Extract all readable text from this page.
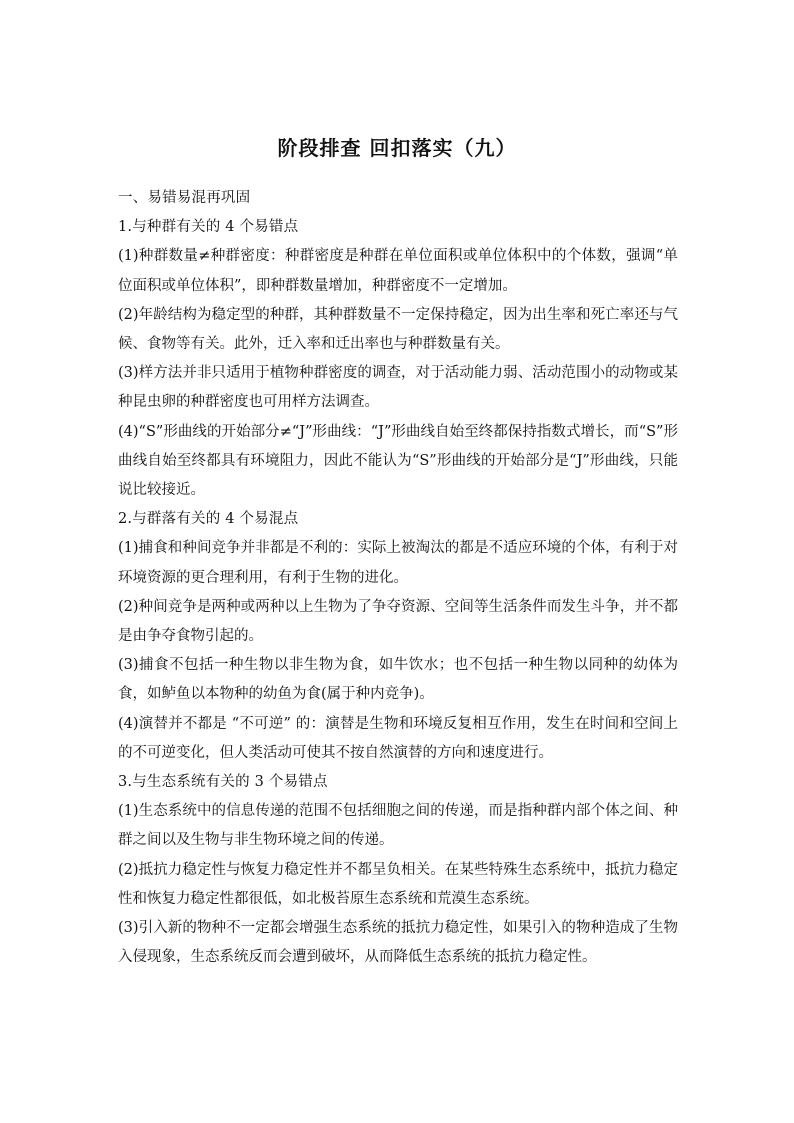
阶段排查 回扣落实（九）

一、易错易混再巩固

1.与种群有关的 4 个易错点

(1)种群数量≠种群密度：种群密度是种群在单位面积或单位体积中的个体数，强调“单位面积或单位体积”，即种群数量增加，种群密度不一定增加。

(2)年龄结构为稳定型的种群，其种群数量不一定保持稳定，因为出生率和死亡率还与气候、食物等有关。此外，迁入率和迁出率也与种群数量有关。

(3)样方法并非只适用于植物种群密度的调查，对于活动能力弱、活动范围小的动物或某种昆虫卵的种群密度也可用样方法调查。

(4)“S”形曲线的开始部分≠“J”形曲线：“J”形曲线自始至终都保持指数式增长，而“S”形曲线自始至终都具有环境阻力，因此不能认为“S”形曲线的开始部分是“J”形曲线，只能说比较接近。

2.与群落有关的 4 个易混点

(1)捕食和种间竞争并非都是不利的：实际上被淘汰的都是不适应环境的个体，有利于对环境资源的更合理利用，有利于生物的进化。

(2)种间竞争是两种或两种以上生物为了争夺资源、空间等生活条件而发生斗争，并不都是由争夺食物引起的。

(3)捕食不包括一种生物以非生物为食，如牛饮水；也不包括一种生物以同种的幼体为食，如鲈鱼以本物种的幼鱼为食(属于种内竞争)。

(4)演替并不都是 “不可逆” 的：演替是生物和环境反复相互作用，发生在时间和空间上的不可逆变化，但人类活动可使其不按自然演替的方向和速度进行。

3.与生态系统有关的 3 个易错点

(1)生态系统中的信息传递的范围不包括细胞之间的传递，而是指种群内部个体之间、种群之间以及生物与非生物环境之间的传递。

(2)抵抗力稳定性与恢复力稳定性并不都呈负相关。在某些特殊生态系统中，抵抗力稳定性和恢复力稳定性都很低，如北极苔原生态系统和荒漠生态系统。

(3)引入新的物种不一定都会增强生态系统的抵抗力稳定性，如果引入的物种造成了生物入侵现象，生态系统反而会遭到破坏，从而降低生态系统的抵抗力稳定性。
